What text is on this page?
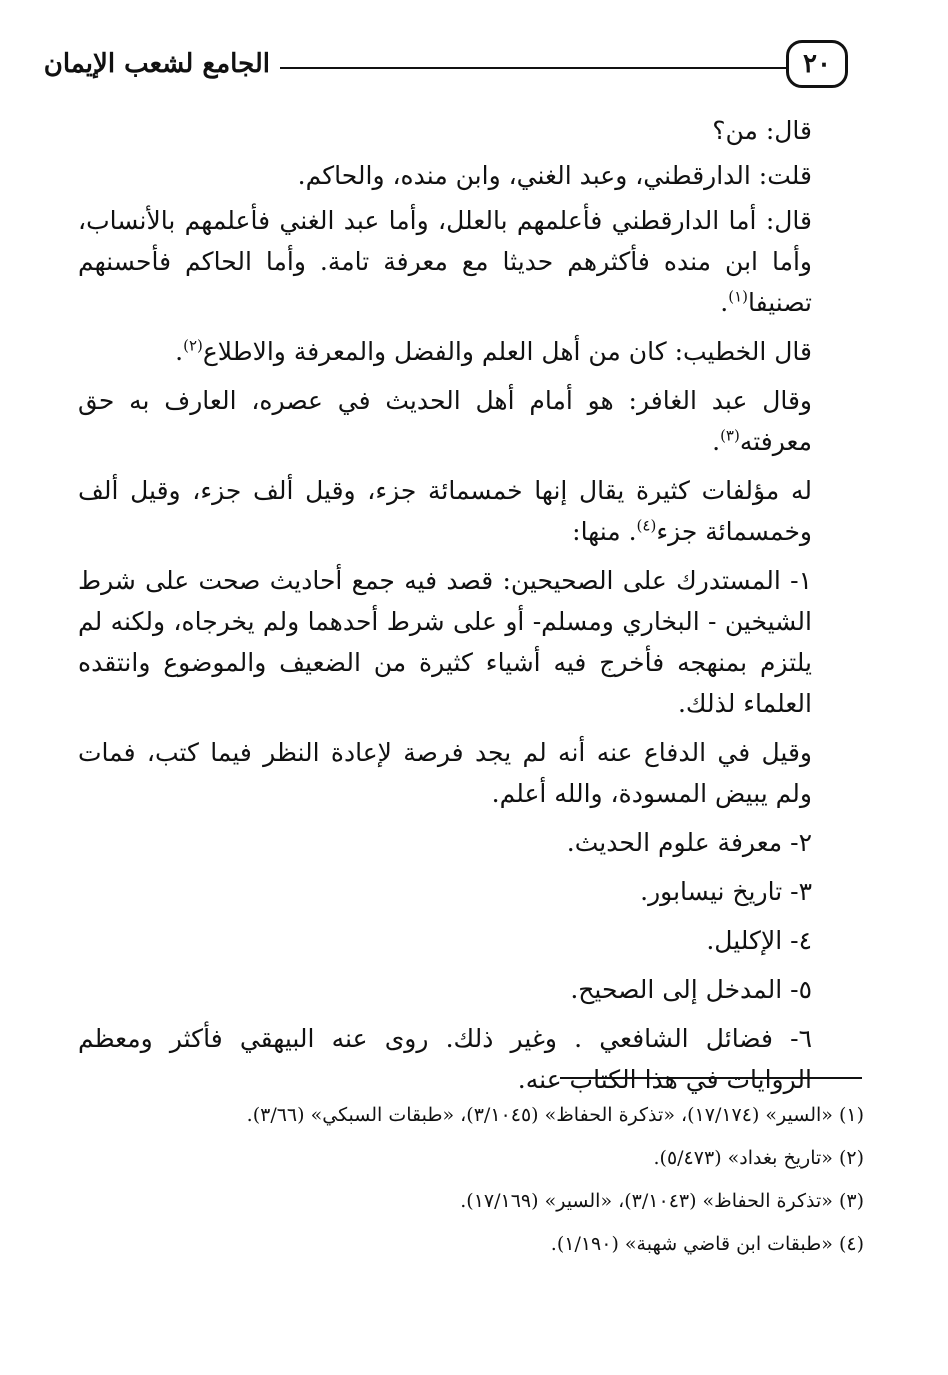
٢٠
الجامع لشعب الإيمان

قال: من؟

قلت: الدارقطني، وعبد الغني، وابن منده، والحاكم.

قال: أما الدارقطني فأعلمهم بالعلل، وأما عبد الغني فأعلمهم بالأنساب، وأما ابن منده فأكثرهم حديثا مع معرفة تامة. وأما الحاكم فأحسنهم تصنيفا$^{(١)}$.

قال الخطيب: كان من أهل العلم والفضل والمعرفة والاطلاع$^{(٢)}$.

وقال عبد الغافر: هو أمام أهل الحديث في عصره، العارف به حق معرفته$^{(٣)}$.

له مؤلفات كثيرة يقال إنها خمسمائة جزء، وقيل ألف جزء، وقيل ألف وخمسمائة جزء$^{(٤)}$. منها:

١- المستدرك على الصحيحين: قصد فيه جمع أحاديث صحت على شرط الشيخين - البخاري ومسلم- أو على شرط أحدهما ولم يخرجاه، ولكنه لم يلتزم بمنهجه فأخرج فيه أشياء كثيرة من الضعيف والموضوع وانتقده العلماء لذلك.

وقيل في الدفاع عنه أنه لم يجد فرصة لإعادة النظر فيما كتب، فمات ولم يبيض المسودة، والله أعلم.

٢- معرفة علوم الحديث.

٣- تاريخ نيسابور.

٤- الإكليل.

٥- المدخل إلى الصحيح.

٦- فضائل الشافعي . وغير ذلك. روى عنه البيهقي فأكثر ومعظم الروايات في هذا الكتاب عنه.

(١) «السير» (١٧/١٧٤)، «تذكرة الحفاظ» (٣/١٠٤٥)، «طبقات السبكي» (٣/٦٦).

(٢) «تاريخ بغداد» (٥/٤٧٣).

(٣) «تذكرة الحفاظ» (٣/١٠٤٣)، «السير» (١٧/١٦٩).

(٤) «طبقات ابن قاضي شهبة» (١/١٩٠).
